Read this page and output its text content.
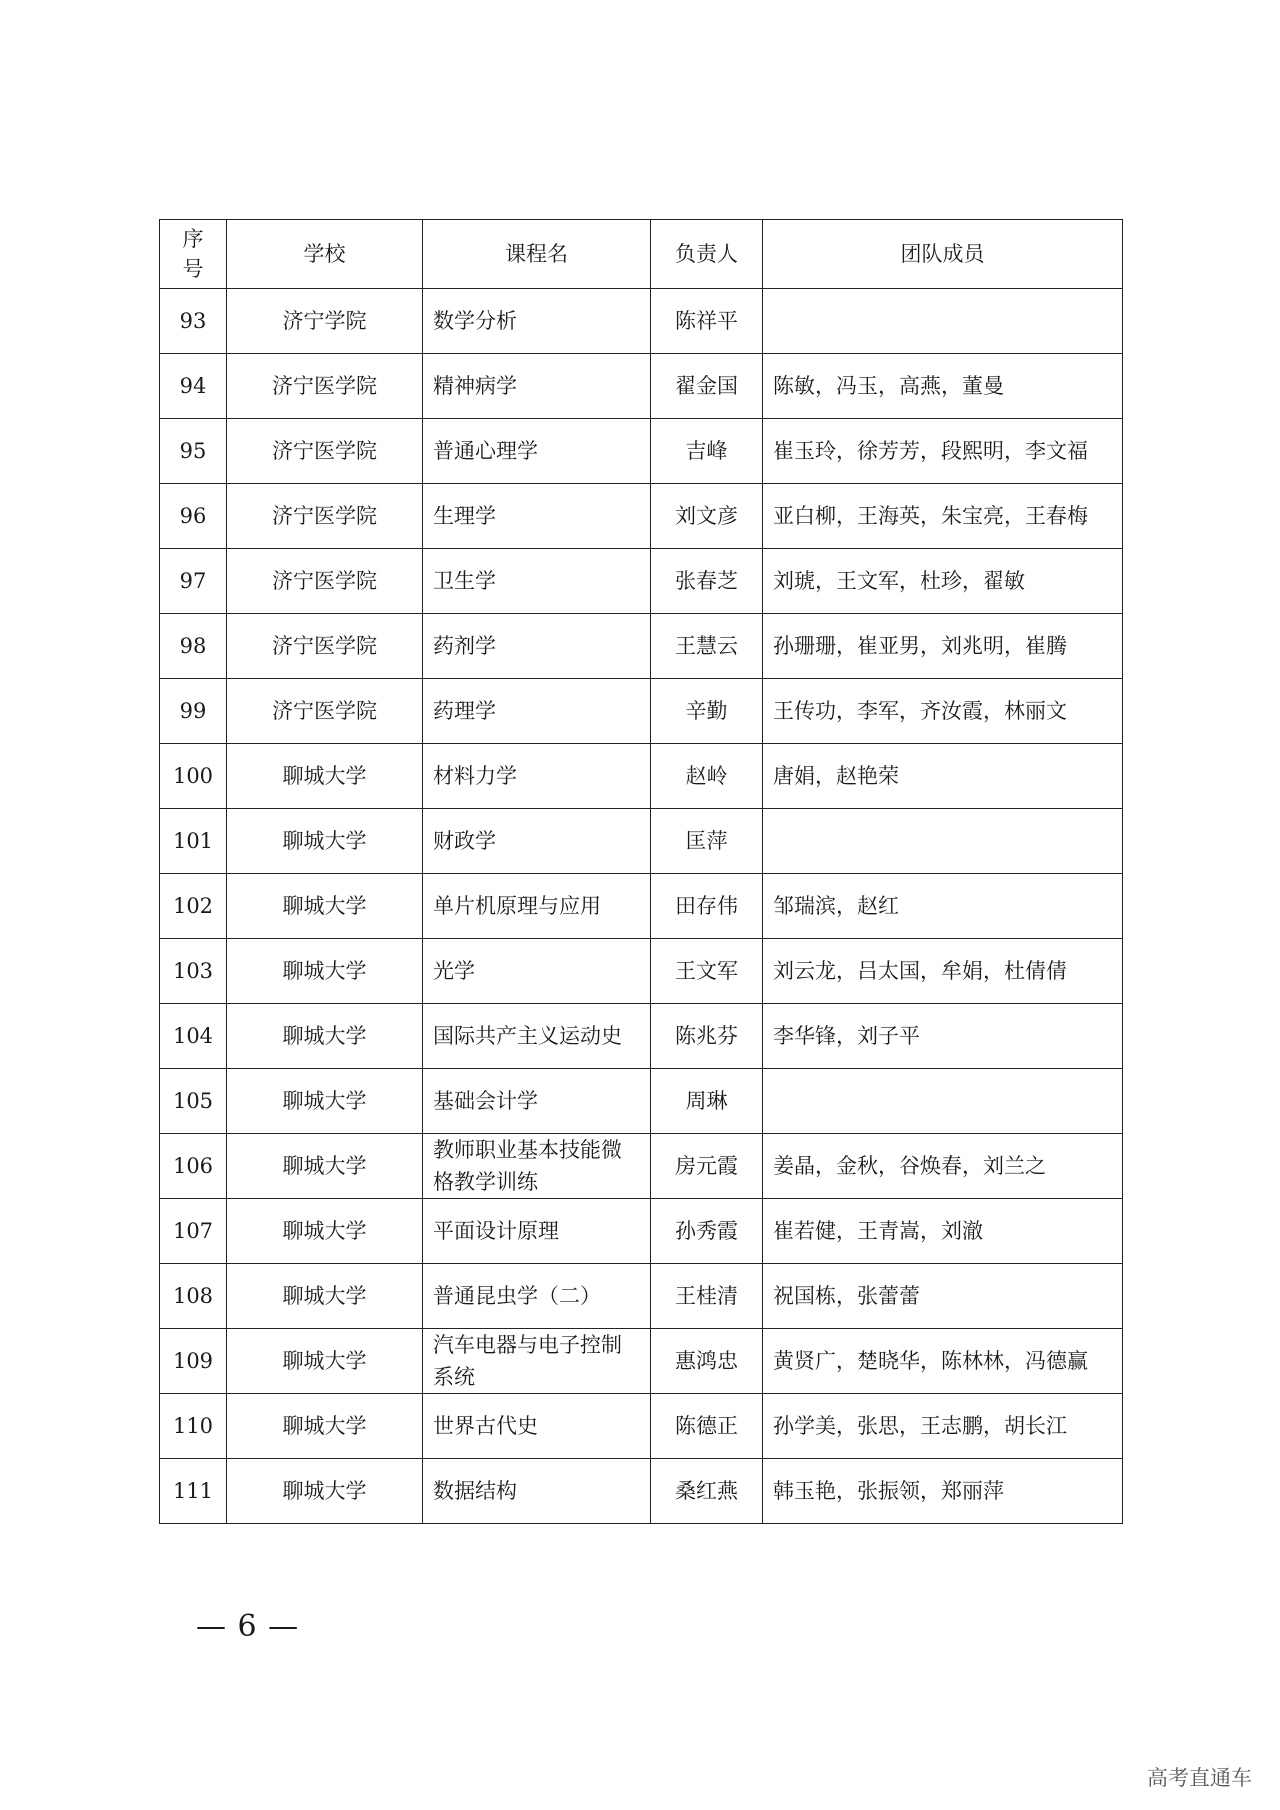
序
号	学校	课程名	负责人	团队成员
93	济宁学院	数学分析	陈祥平	
94	济宁医学院	精神病学	翟金国	陈敏，冯玉，高燕，董曼
95	济宁医学院	普通心理学	吉峰	崔玉玲，徐芳芳，段熙明，李文福
96	济宁医学院	生理学	刘文彦	亚白柳，王海英，朱宝亮，王春梅
97	济宁医学院	卫生学	张春芝	刘琥，王文军，杜珍，翟敏
98	济宁医学院	药剂学	王慧云	孙珊珊，崔亚男，刘兆明，崔腾
99	济宁医学院	药理学	辛勤	王传功，李军，齐汝霞，林丽文
100	聊城大学	材料力学	赵岭	唐娟，赵艳荣
101	聊城大学	财政学	匡萍	
102	聊城大学	单片机原理与应用	田存伟	邹瑞滨，赵红
103	聊城大学	光学	王文军	刘云龙，吕太国，牟娟，杜倩倩
104	聊城大学	国际共产主义运动史	陈兆芬	李华锋，刘子平
105	聊城大学	基础会计学	周琳	
106	聊城大学	教师职业基本技能微格教学训练	房元霞	姜晶，金秋，谷焕春，刘兰之
107	聊城大学	平面设计原理	孙秀霞	崔若健，王青嵩，刘澈
108	聊城大学	普通昆虫学（二）	王桂清	祝国栋，张蕾蕾
109	聊城大学	汽车电器与电子控制系统	惠鸿忠	黄贤广，楚晓华，陈林林，冯德赢
110	聊城大学	世界古代史	陈德正	孙学美，张思，王志鹏，胡长江
111	聊城大学	数据结构	桑红燕	韩玉艳，张振领，郑丽萍
— 6 —
高考直通车
